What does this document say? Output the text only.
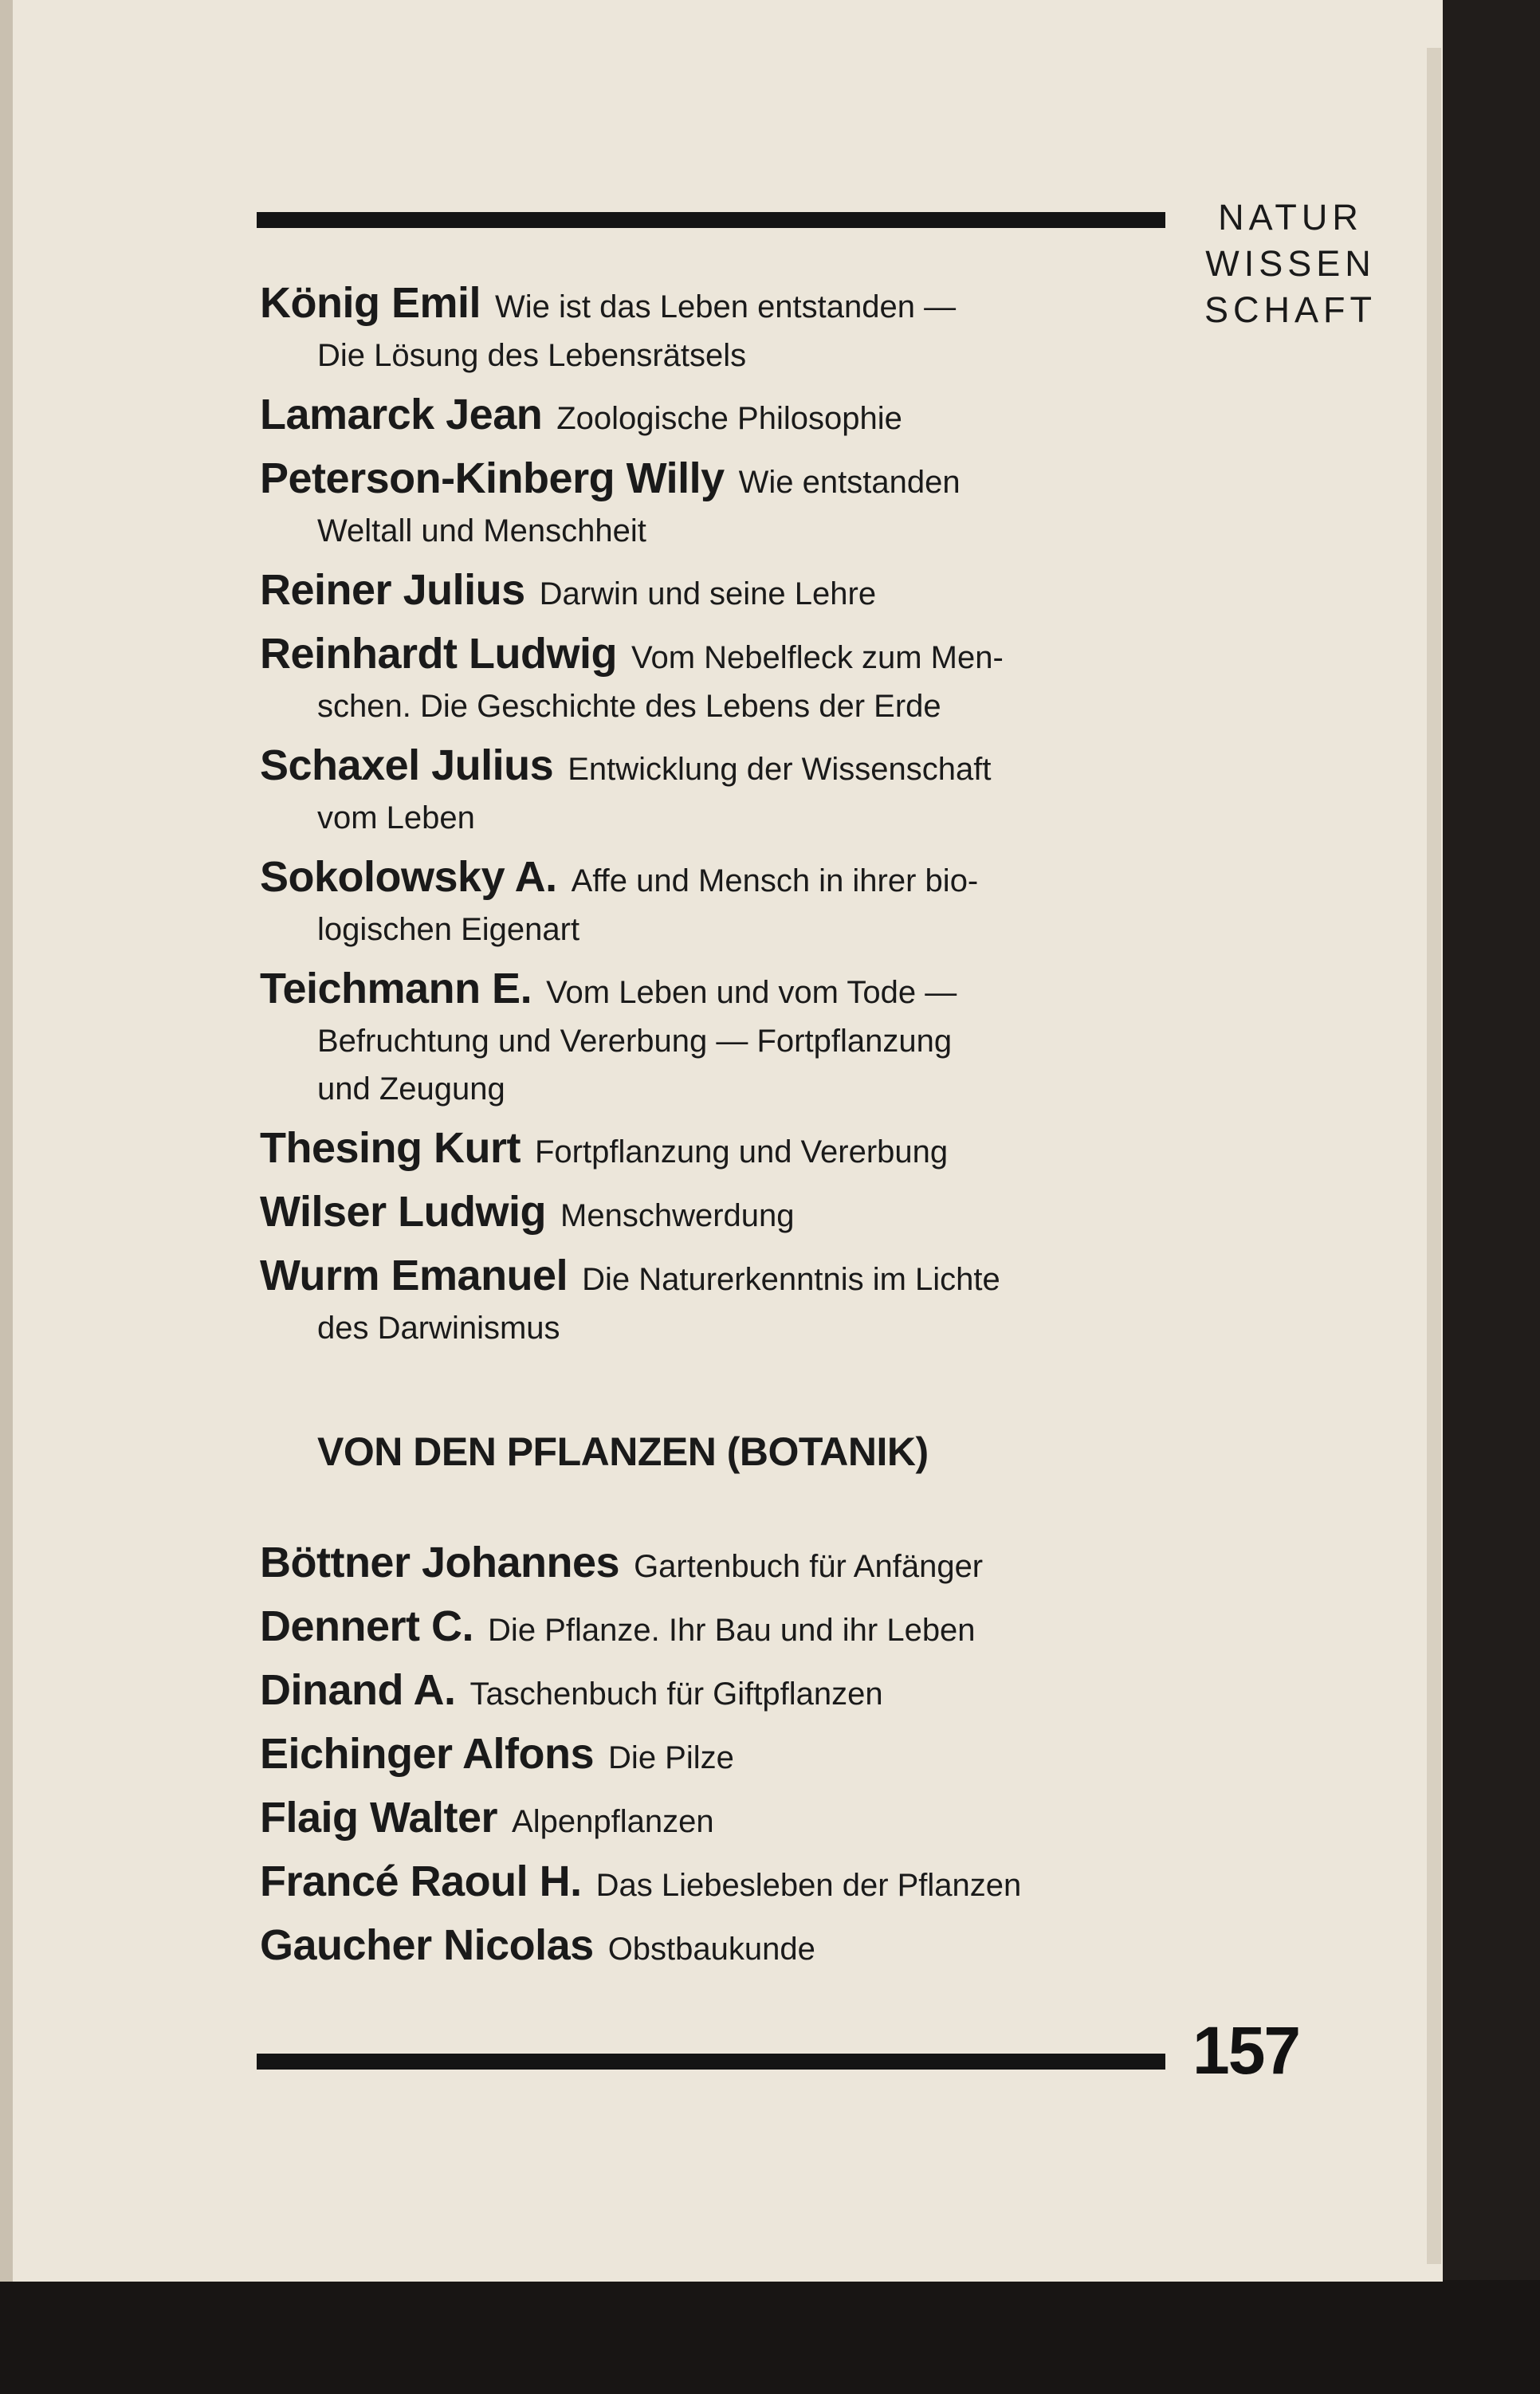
NATUR
WISSEN
SCHAFT
König Emil Wie ist das Leben entstanden —
Die Lösung des Lebensrätsels
Lamarck Jean Zoologische Philosophie
Peterson-Kinberg Willy Wie entstanden
Weltall und Menschheit
Reiner Julius Darwin und seine Lehre
Reinhardt Ludwig Vom Nebelfleck zum Men-
schen. Die Geschichte des Lebens der Erde
Schaxel Julius Entwicklung der Wissenschaft
vom Leben
Sokolowsky A. Affe und Mensch in ihrer bio-
logischen Eigenart
Teichmann E. Vom Leben und vom Tode —
Befruchtung und Vererbung — Fortpflanzung
und Zeugung
Thesing Kurt Fortpflanzung und Vererbung
Wilser Ludwig Menschwerdung
Wurm Emanuel Die Naturerkenntnis im Lichte
des Darwinismus
VON DEN PFLANZEN (BOTANIK)
Böttner Johannes Gartenbuch für Anfänger
Dennert C. Die Pflanze. Ihr Bau und ihr Leben
Dinand A. Taschenbuch für Giftpflanzen
Eichinger Alfons Die Pilze
Flaig Walter Alpenpflanzen
Francé Raoul H. Das Liebesleben der Pflanzen
Gaucher Nicolas Obstbaukunde
157
